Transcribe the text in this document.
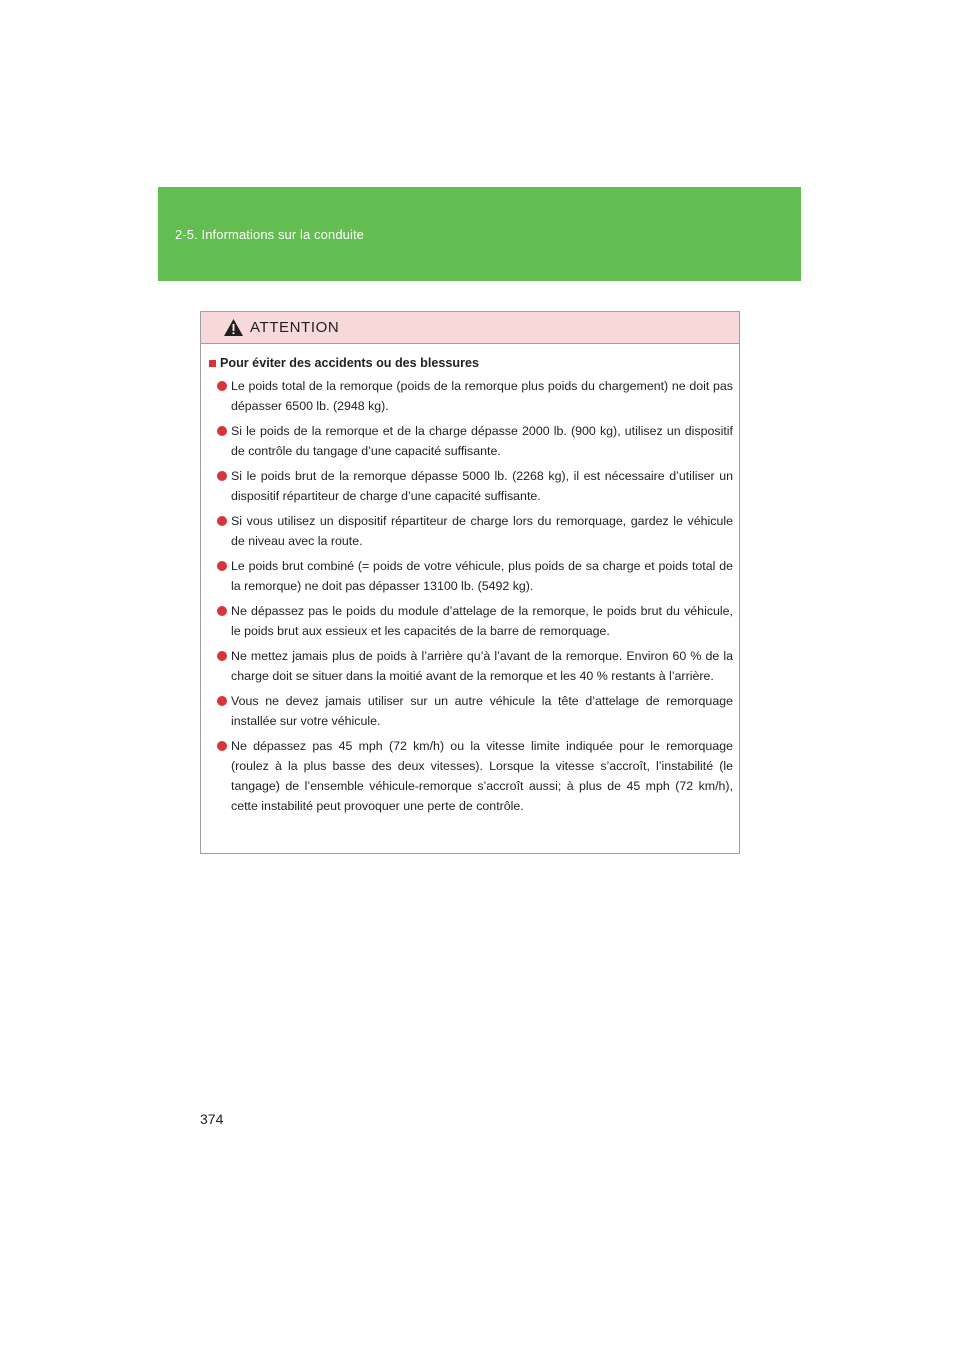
2-5. Informations sur la conduite
ATTENTION
Pour éviter des accidents ou des blessures
Le poids total de la remorque (poids de la remorque plus poids du chargement) ne doit pas dépasser 6500 lb. (2948 kg).
Si le poids de la remorque et de la charge dépasse 2000 lb. (900 kg), utilisez un dispositif de contrôle du tangage d’une capacité suffisante.
Si le poids brut de la remorque dépasse 5000 lb. (2268 kg), il est nécessaire d’utiliser un dispositif répartiteur de charge d’une capacité suffisante.
Si vous utilisez un dispositif répartiteur de charge lors du remorquage, gardez le véhicule de niveau avec la route.
Le poids brut combiné (= poids de votre véhicule, plus poids de sa charge et poids total de la remorque) ne doit pas dépasser 13100 lb. (5492 kg).
Ne dépassez pas le poids du module d’attelage de la remorque, le poids brut du véhicule, le poids brut aux essieux et les capacités de la barre de remorquage.
Ne mettez jamais plus de poids à l’arrière qu’à l’avant de la remorque. Environ 60 % de la charge doit se situer dans la moitié avant de la remorque et les 40 % restants à l’arrière.
Vous ne devez jamais utiliser sur un autre véhicule la tête d’attelage de remorquage installée sur votre véhicule.
Ne dépassez pas 45 mph (72 km/h) ou la vitesse limite indiquée pour le remorquage (roulez à la plus basse des deux vitesses). Lorsque la vitesse s’accroît, l’instabilité (le tangage) de l’ensemble véhicule-remorque s’accroît aussi; à plus de 45 mph (72 km/h), cette instabilité peut provoquer une perte de contrôle.
374
